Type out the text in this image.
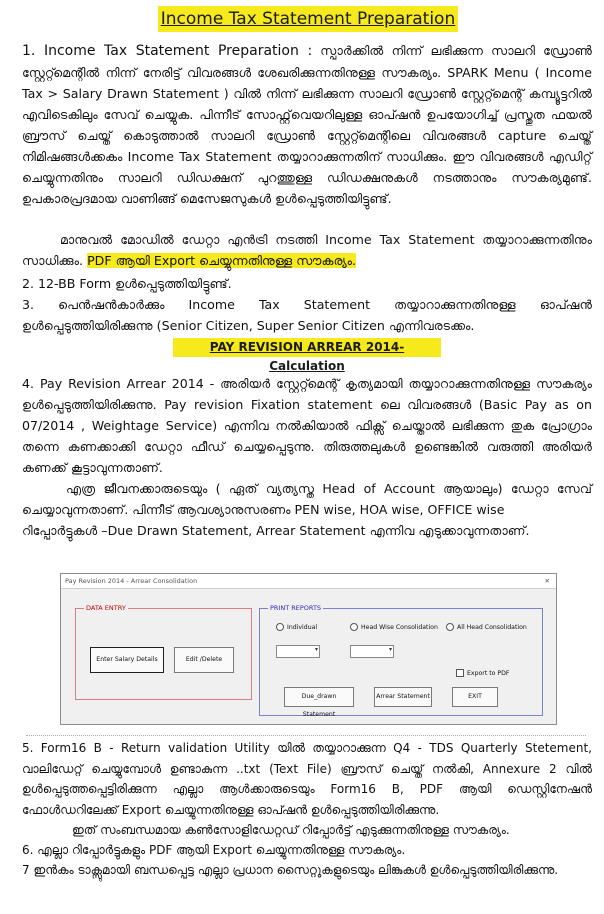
Income Tax Statement Preparation

1. Income Tax Statement Preparation : സ്പാർക്കിൽ നിന്ന് ലഭിക്കുന്ന സാലറി ഡ്രോൺ സ്റ്റേറ്റ്മെന്റിൽ നിന്ന് നേരിട്ട് വിവരങ്ങൾ ശേഖരിക്കുന്നതിനുള്ള സൗകര്യം. SPARK Menu ( Income Tax > Salary Drawn Statement ) വിൽ നിന്ന് ലഭിക്കുന്ന സാലറി ഡ്രോൺ സ്റ്റേറ്റ്മെന്റ് കമ്പ്യൂട്ടറിൽ എവിടെകിലും സേവ് ചെയ്യുക. പിന്നീട് സോഫ്റ്റ്‌വെയറിലുള്ള ഓപ്ഷൻ ഉപയോഗിച്ച് പ്രസ്തുത ഫയൽ ബ്രൗസ് ചെയ്ത് കൊടുത്താൽ സാലറി ഡ്രോൺ സ്റ്റേറ്റ്മെന്റിലെ വിവരങ്ങൾ capture ചെയ്ത് നിമിഷങ്ങൾക്കകം Income Tax Statement തയ്യാറാക്കുന്നതിന് സാധിക്കും. ഈ വിവരങ്ങൾ എഡിറ്റ് ചെയ്യുന്നതിനും സാലറി ഡിഡക്ഷന് പുറത്തുള്ള ഡിഡക്ഷനുകൾ നടത്താനും സൗകര്യമുണ്ട്. ഉപകാരപ്രദമായ വാണിങ്ങ് മെസേജസുകൾ ഉൾപ്പെടുത്തിയിട്ടുണ്ട്.

മാനുവൽ മോഡിൽ ഡേറ്റാ എൻട്രി നടത്തി Income Tax Statement തയ്യാറാക്കുന്നതിനും സാധിക്കും. PDF ആയി Export ചെയ്യുന്നതിനുള്ള സൗകര്യം.

2. 12-BB Form ഉൾപ്പെടുത്തിയിട്ടുണ്ട്.

3. പെൻഷൻകാർക്കും Income Tax Statement തയ്യാറാക്കുന്നതിനുള്ള ഓപ്ഷൻ ഉൾപ്പെടുത്തിയിരിക്കുന്നു (Senior Citizen, Super Senior Citizen എന്നിവരടക്കം.

PAY REVISION ARREAR 2014- Calculation

4. Pay Revision Arrear 2014 - അരിയർ സ്റ്റേറ്റ്മെന്റ് കൃത്യമായി തയ്യാറാക്കുന്നതിനുള്ള സൗകര്യം ഉൾപ്പെടുത്തിയിരിക്കുന്നു. Pay revision Fixation statement ലെ വിവരങ്ങൾ (Basic Pay as on 07/2014 , Weightage Service) എന്നിവ നൽകിയാൽ ഫിക്സ് ചെയ്താൽ ലഭിക്കുന്ന തുക പ്രോഗ്രാം തന്നെ കണക്കാക്കി ഡേറ്റാ ഫീഡ് ചെയ്യപ്പെടുന്നു. തിരുത്തലുകൾ ഉണ്ടെങ്കിൽ വരുത്തി അരിയർ കണക്ക് കൂട്ടാവുന്നതാണ്.

എത്ര ജീവനക്കാരുടെയും ( ഏത് വ്യത്യസ്ത Head of Account ആയാലും) ഡേറ്റാ സേവ് ചെയ്യാവുന്നതാണ്. പിന്നീട് ആവശ്യാനുസരണം PEN wise, HOA wise, OFFICE wise

റിപ്പോർട്ടുകൾ –Due Drawn Statement, Arrear Statement എന്നിവ എടുക്കാവുന്നതാണ്.

Pay Revision 2014 - Arrear Consolidation	✕
DATA ENTRY
Enter Salary Details	Edit /Delete
PRINT REPORTS
Individual	Head Wise Consolidation	All Head Consolidation
▾	▾
Export to PDF
Due_drawn Statement
Arrear Statement	EXIT

5. Form16 B - Return validation Utility യിൽ തയ്യാറാക്കുന്ന Q4 - TDS Quarterly Stetement, വാലിഡേറ്റ് ചെയ്യുമ്പോൾ ഉണ്ടാകുന്ന ..txt (Text File) ബ്രൗസ് ചെയ്ത് നൽകി, Annexure 2 വിൽ ഉൾപ്പെടുത്തപ്പെട്ടിരിക്കുന്ന എല്ലാ ആൾക്കാരുടെയും Form16 B, PDF ആയി ഡെസ്റ്റിനേഷൻ ഫോൾഡറിലേക്ക് Export ചെയ്യുന്നതിനുള്ള ഓപ്ഷൻ ഉൾപ്പെടുത്തിയിരിക്കുന്നു.

ഇത് സംബന്ധമായ കൺസോളിഡേറ്റഡ് റിപ്പോർട്ട് എടുക്കുന്നതിനുള്ള സൗകര്യം.

6. എല്ലാ റിപ്പോർട്ടുകളും PDF ആയി Export ചെയ്യുന്നതിനുള്ള സൗകര്യം.

7 ഇൻകം ടാക്സുമായി ബന്ധപ്പെട്ട എല്ലാ പ്രധാന സൈറ്റുകളുടെയും ലിങ്കുകൾ ഉൾപ്പെടുത്തിയിരിക്കുന്നു.
